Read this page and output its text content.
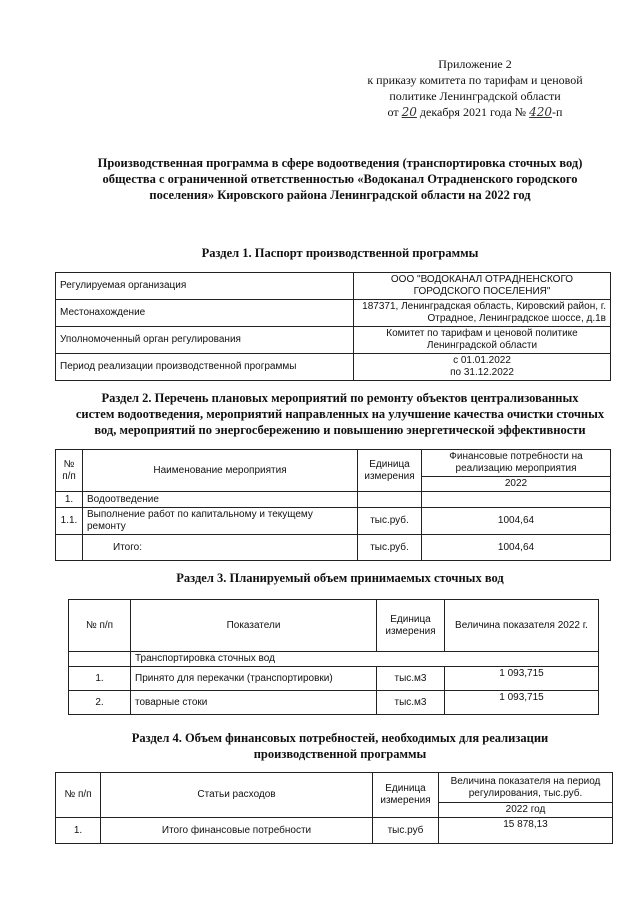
Приложение 2
к приказу комитета по тарифам и ценовой
политике Ленинградской области
от 20 декабря 2021 года № 420-п
Производственная программа в сфере водоотведения (транспортировка сточных вод)
общества с ограниченной ответственностью «Водоканал Отрадненского городского
поселения» Кировского района Ленинградской области на 2022 год
Раздел 1. Паспорт производственной программы
Регулируемая организация	ООО "ВОДОКАНАЛ ОТРАДНЕНСКОГО ГОРОДСКОГО ПОСЕЛЕНИЯ"
Местонахождение	187371, Ленинградская область, Кировский район, г. Отрадное, Ленинградское шоссе, д.1в
Уполномоченный орган регулирования	Комитет по тарифам и ценовой политике Ленинградской области
Период реализации производственной программы	с 01.01.2022
по 31.12.2022
Раздел 2. Перечень плановых мероприятий по ремонту объектов централизованных
систем водоотведения, мероприятий направленных на улучшение качества очистки сточных
вод, мероприятий по энергосбережению и повышению энергетической эффективности
№ п/п	Наименование мероприятия	Единица измерения	Финансовые потребности на реализацию мероприятия
			2022
1.	Водоотведение		
1.1.	Выполнение работ по капитальному и текущему ремонту	тыс.руб.	1004,64
	Итого:	тыс.руб.	1004,64
Раздел 3. Планируемый объем принимаемых сточных вод
№ п/п	Показатели	Единица измерения	Величина показателя 2022 г.
	Транспортировка сточных вод		
1.	Принято для перекачки (транспортировки)	тыс.м3	1 093,715
2.	товарные стоки	тыс.м3	1 093,715
Раздел 4. Объем финансовых потребностей, необходимых для реализации
производственной программы
№ п/п	Статьи расходов	Единица измерения	Величина показателя на период регулирования, тыс.руб.
			2022 год
1.	Итого финансовые потребности	тыс.руб	15 878,13
